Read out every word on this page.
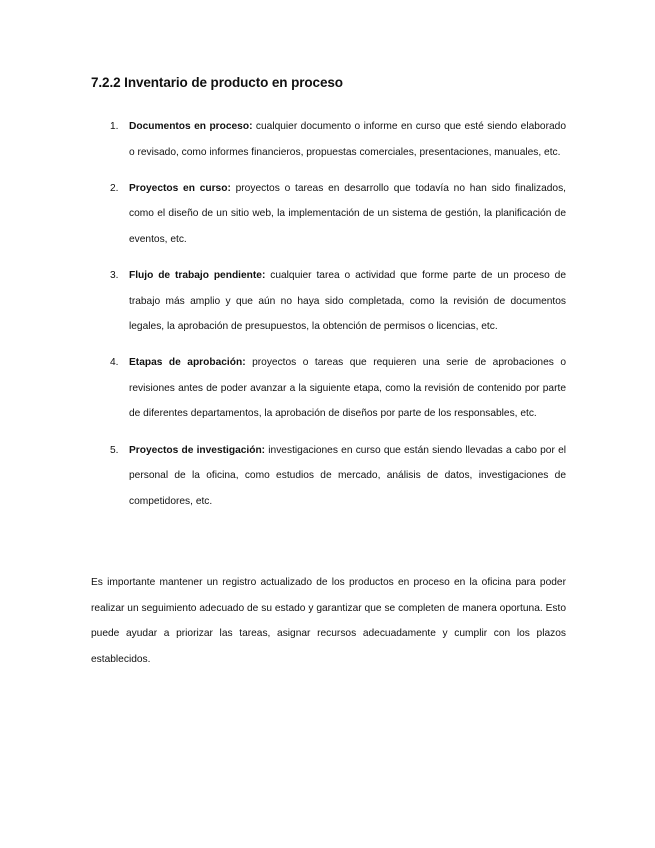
7.2.2 Inventario de producto en proceso
1. Documentos en proceso: cualquier documento o informe en curso que esté siendo elaborado o revisado, como informes financieros, propuestas comerciales, presentaciones, manuales, etc.
2. Proyectos en curso: proyectos o tareas en desarrollo que todavía no han sido finalizados, como el diseño de un sitio web, la implementación de un sistema de gestión, la planificación de eventos, etc.
3. Flujo de trabajo pendiente: cualquier tarea o actividad que forme parte de un proceso de trabajo más amplio y que aún no haya sido completada, como la revisión de documentos legales, la aprobación de presupuestos, la obtención de permisos o licencias, etc.
4. Etapas de aprobación: proyectos o tareas que requieren una serie de aprobaciones o revisiones antes de poder avanzar a la siguiente etapa, como la revisión de contenido por parte de diferentes departamentos, la aprobación de diseños por parte de los responsables, etc.
5. Proyectos de investigación: investigaciones en curso que están siendo llevadas a cabo por el personal de la oficina, como estudios de mercado, análisis de datos, investigaciones de competidores, etc.

Es importante mantener un registro actualizado de los productos en proceso en la oficina para poder realizar un seguimiento adecuado de su estado y garantizar que se completen de manera oportuna. Esto puede ayudar a priorizar las tareas, asignar recursos adecuadamente y cumplir con los plazos establecidos.
